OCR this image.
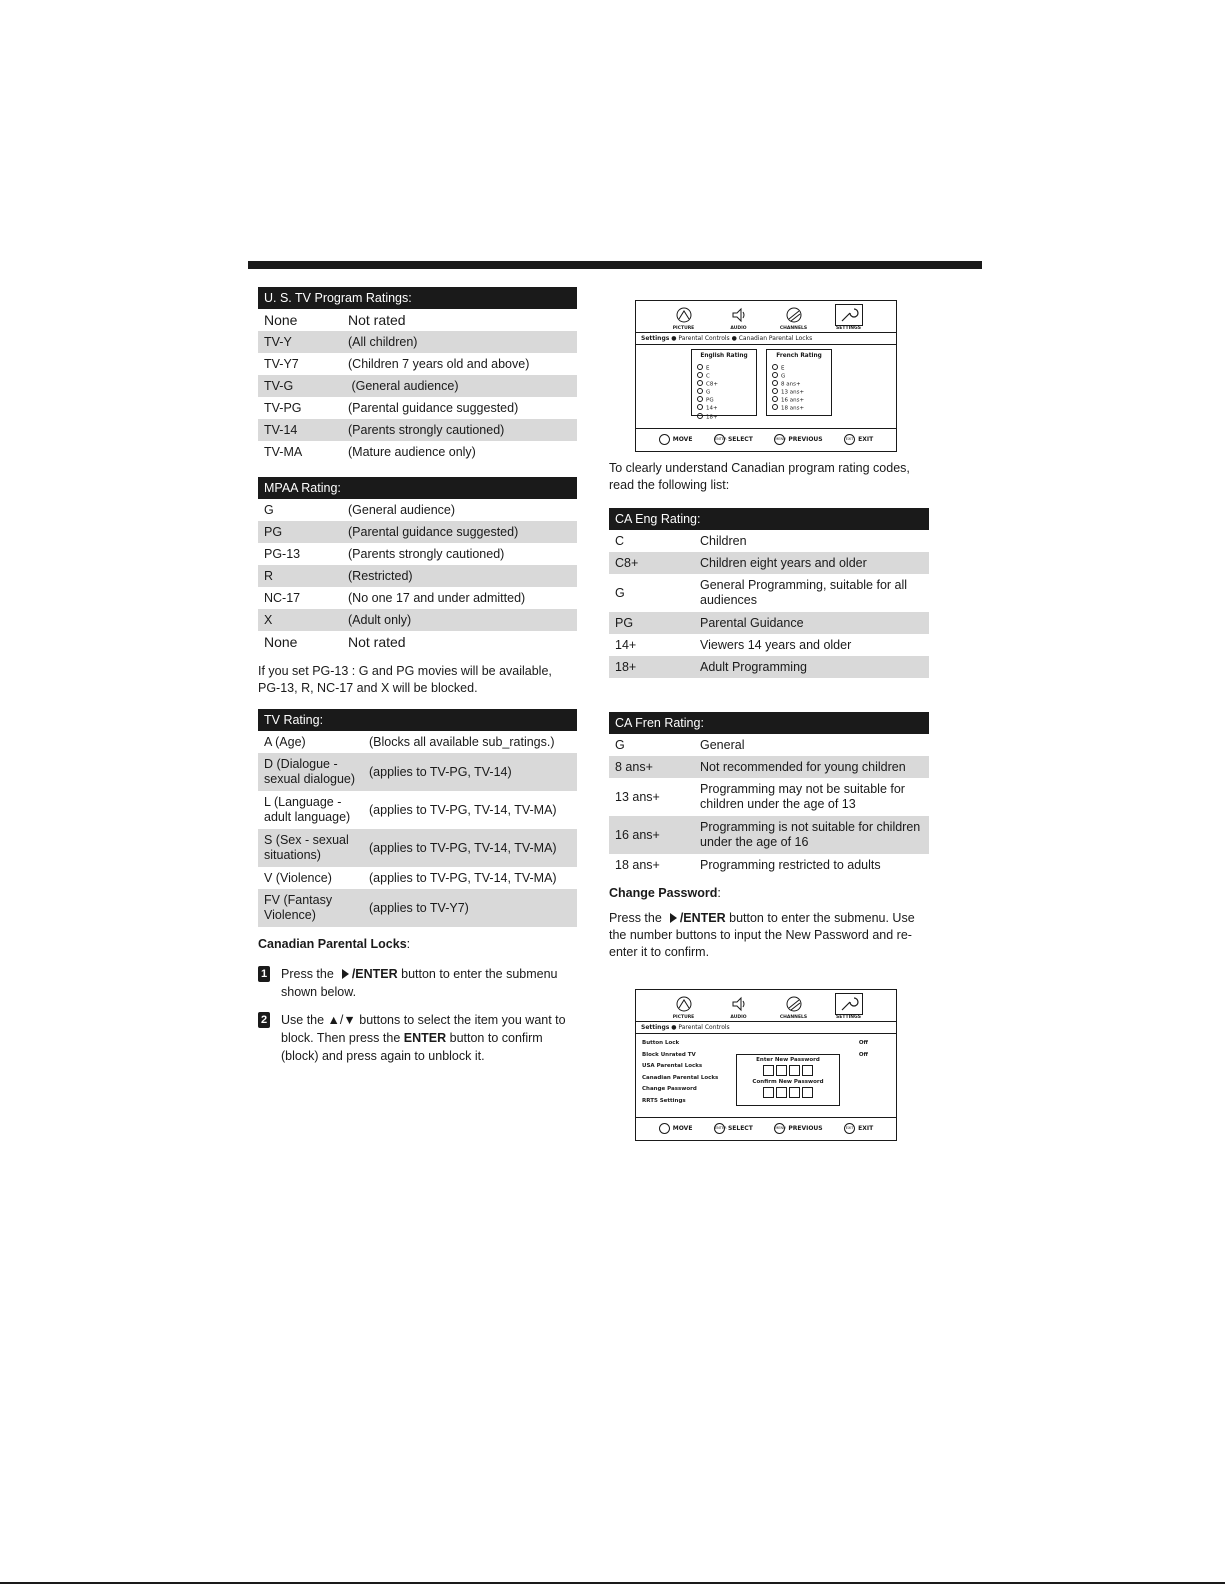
U. S. TV Program Ratings:	
None	Not rated
TV-Y	(All children)
TV-Y7	(Children 7 years old and above)
TV-G	(General audience)
TV-PG	(Parental guidance suggested)
TV-14	(Parents strongly cautioned)
TV-MA	(Mature audience only)
MPAA Rating:	
G	(General audience)
PG	(Parental guidance suggested)
PG-13	(Parents strongly cautioned)
R	(Restricted)
NC-17	(No one 17 and under admitted)
X	(Adult only)
None	Not rated

If you set PG-13 : G and PG movies will be available, PG-13, R, NC-17 and X will be blocked.

TV Rating:	
A (Age)	(Blocks all available sub_ratings.)
D (Dialogue - sexual dialogue)	(applies to TV-PG, TV-14)
L (Language - adult language)	(applies to TV-PG, TV-14, TV-MA)
S (Sex - sexual situations)	(applies to TV-PG, TV-14, TV-MA)
V (Violence)	(applies to TV-PG, TV-14, TV-MA)
FV (Fantasy Violence)	(applies to TV-Y7)
Canadian Parental Locks:
1 Press the /ENTER button to enter the submenu shown below.
2 Use the ▲/▼ buttons to select the item you want to block. Then press the ENTER button to confirm (block) and press again to unblock it.
PICTURE	AUDIO	CHANNELS	SETTINGS
Settings ● Parental Controls ● Canadian Parental Locks
English Rating
E
C
C8+
G
PG
14+
18+
French Rating
E
G
8 ans+
13 ans+
16 ans+
18 ans+
MOVE	ENTER SELECT	MENU PREVIOUS	EXIT EXIT

To clearly understand Canadian program rating codes, read the following list:

CA Eng Rating:	
C	Children
C8+	Children eight years and older
G	General Programming, suitable for all audiences
PG	Parental Guidance
14+	Viewers 14 years and older
18+	Adult Programming
CA Fren Rating:	
G	General
8 ans+	Not recommended for young children
13 ans+	Programming may not be suitable for children under the age of 13
16 ans+	Programming is not suitable for children under the age of 16
18 ans+	Programming restricted to adults
Change Password:

Press the /ENTER button to enter the submenu. Use the number buttons to input the New Password and re-enter it to confirm.

PICTURE	AUDIO	CHANNELS	SETTINGS
Settings ● Parental Controls
Button Lock
Block Unrated TV
USA Parental Locks
Canadian Parental Locks
Change Password
RRT5 Settings
Off
Off
Enter New Password
Confirm New Password
MOVE	ENTER SELECT	MENU PREVIOUS	EXIT EXIT
